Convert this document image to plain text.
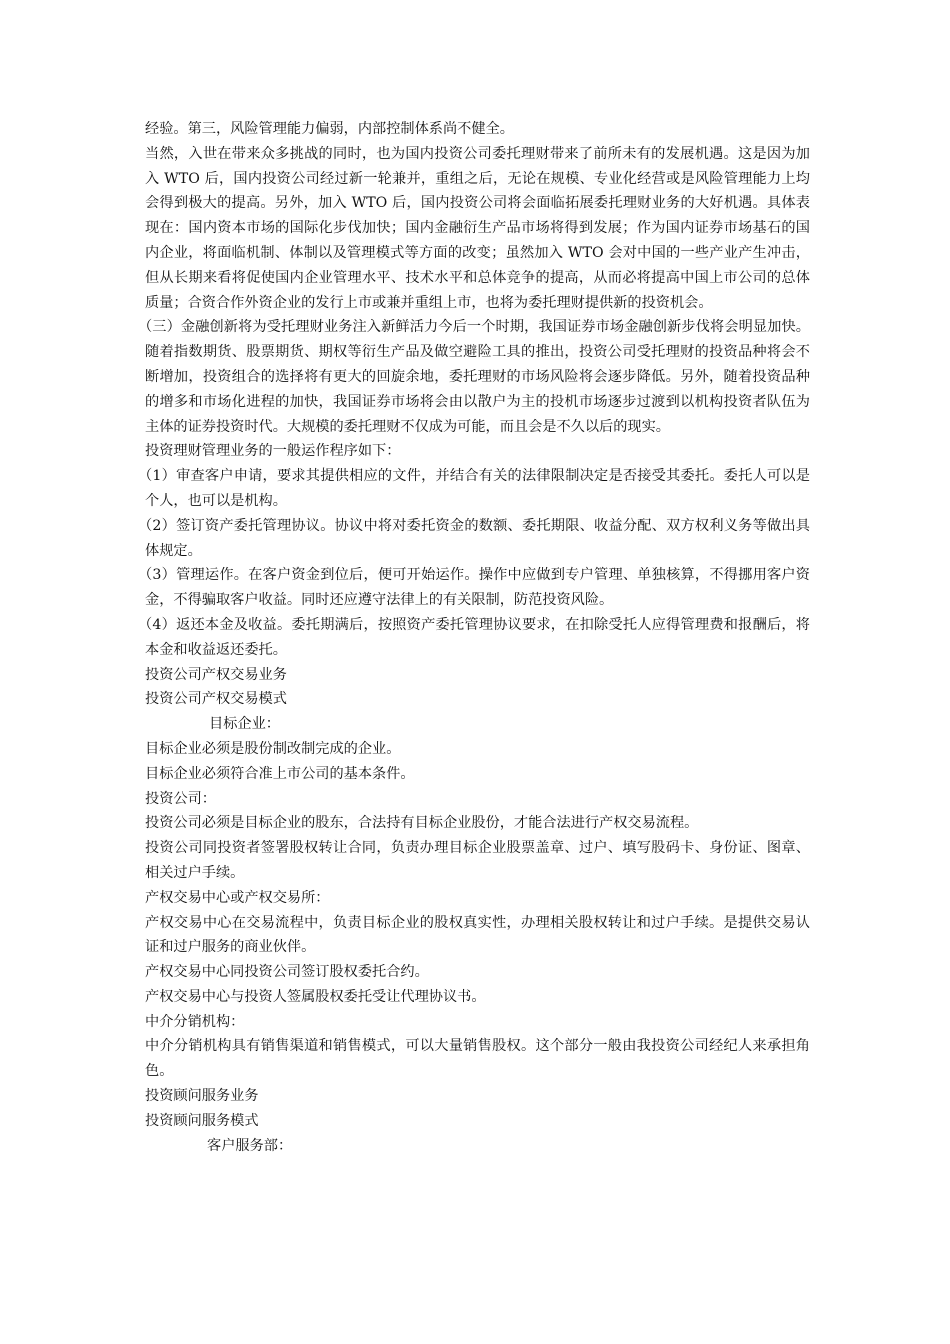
经验。第三，风险管理能力偏弱，内部控制体系尚不健全。

当然，入世在带来众多挑战的同时，也为国内投资公司委托理财带来了前所未有的发展机遇。这是因为加入 WTO 后，国内投资公司经过新一轮兼并，重组之后，无论在规模、专业化经营或是风险管理能力上均会得到极大的提高。另外，加入 WTO 后，国内投资公司将会面临拓展委托理财业务的大好机遇。具体表现在：国内资本市场的国际化步伐加快；国内金融衍生产品市场将得到发展；作为国内证券市场基石的国内企业，将面临机制、体制以及管理模式等方面的改变；虽然加入 WTO 会对中国的一些产业产生冲击，但从长期来看将促使国内企业管理水平、技术水平和总体竞争的提高，从而必将提高中国上市公司的总体质量；合资合作外资企业的发行上市或兼并重组上市，也将为委托理财提供新的投资机会。

（三）金融创新将为受托理财业务注入新鲜活力今后一个时期，我国证券市场金融创新步伐将会明显加快。随着指数期货、股票期货、期权等衍生产品及做空避险工具的推出，投资公司受托理财的投资品种将会不断增加，投资组合的选择将有更大的回旋余地，委托理财的市场风险将会逐步降低。另外，随着投资品种的增多和市场化进程的加快，我国证券市场将会由以散户为主的投机市场逐步过渡到以机构投资者队伍为主体的证券投资时代。大规模的委托理财不仅成为可能，而且会是不久以后的现实。

投资理财管理业务的一般运作程序如下：

（1）审查客户申请，要求其提供相应的文件，并结合有关的法律限制决定是否接受其委托。委托人可以是个人，也可以是机构。

（2）签订资产委托管理协议。协议中将对委托资金的数额、委托期限、收益分配、双方权利义务等做出具体规定。

（3）管理运作。在客户资金到位后，便可开始运作。操作中应做到专户管理、单独核算，不得挪用客户资金，不得骗取客户收益。同时还应遵守法律上的有关限制，防范投资风险。

（4）返还本金及收益。委托期满后，按照资产委托管理协议要求，在扣除受托人应得管理费和报酬后，将本金和收益返还委托。

投资公司产权交易业务

投资公司产权交易模式

目标企业：

目标企业必须是股份制改制完成的企业。

目标企业必须符合准上市公司的基本条件。

投资公司：

投资公司必须是目标企业的股东，合法持有目标企业股份，才能合法进行产权交易流程。

投资公司同投资者签署股权转让合同，负责办理目标企业股票盖章、过户、填写股码卡、身份证、图章、相关过户手续。

产权交易中心或产权交易所：

产权交易中心在交易流程中，负责目标企业的股权真实性，办理相关股权转让和过户手续。是提供交易认证和过户服务的商业伙伴。

产权交易中心同投资公司签订股权委托合约。

产权交易中心与投资人签属股权委托受让代理协议书。

中介分销机构：

中介分销机构具有销售渠道和销售模式，可以大量销售股权。这个部分一般由我投资公司经纪人来承担角色。

投资顾问服务业务

投资顾问服务模式

客户服务部：
